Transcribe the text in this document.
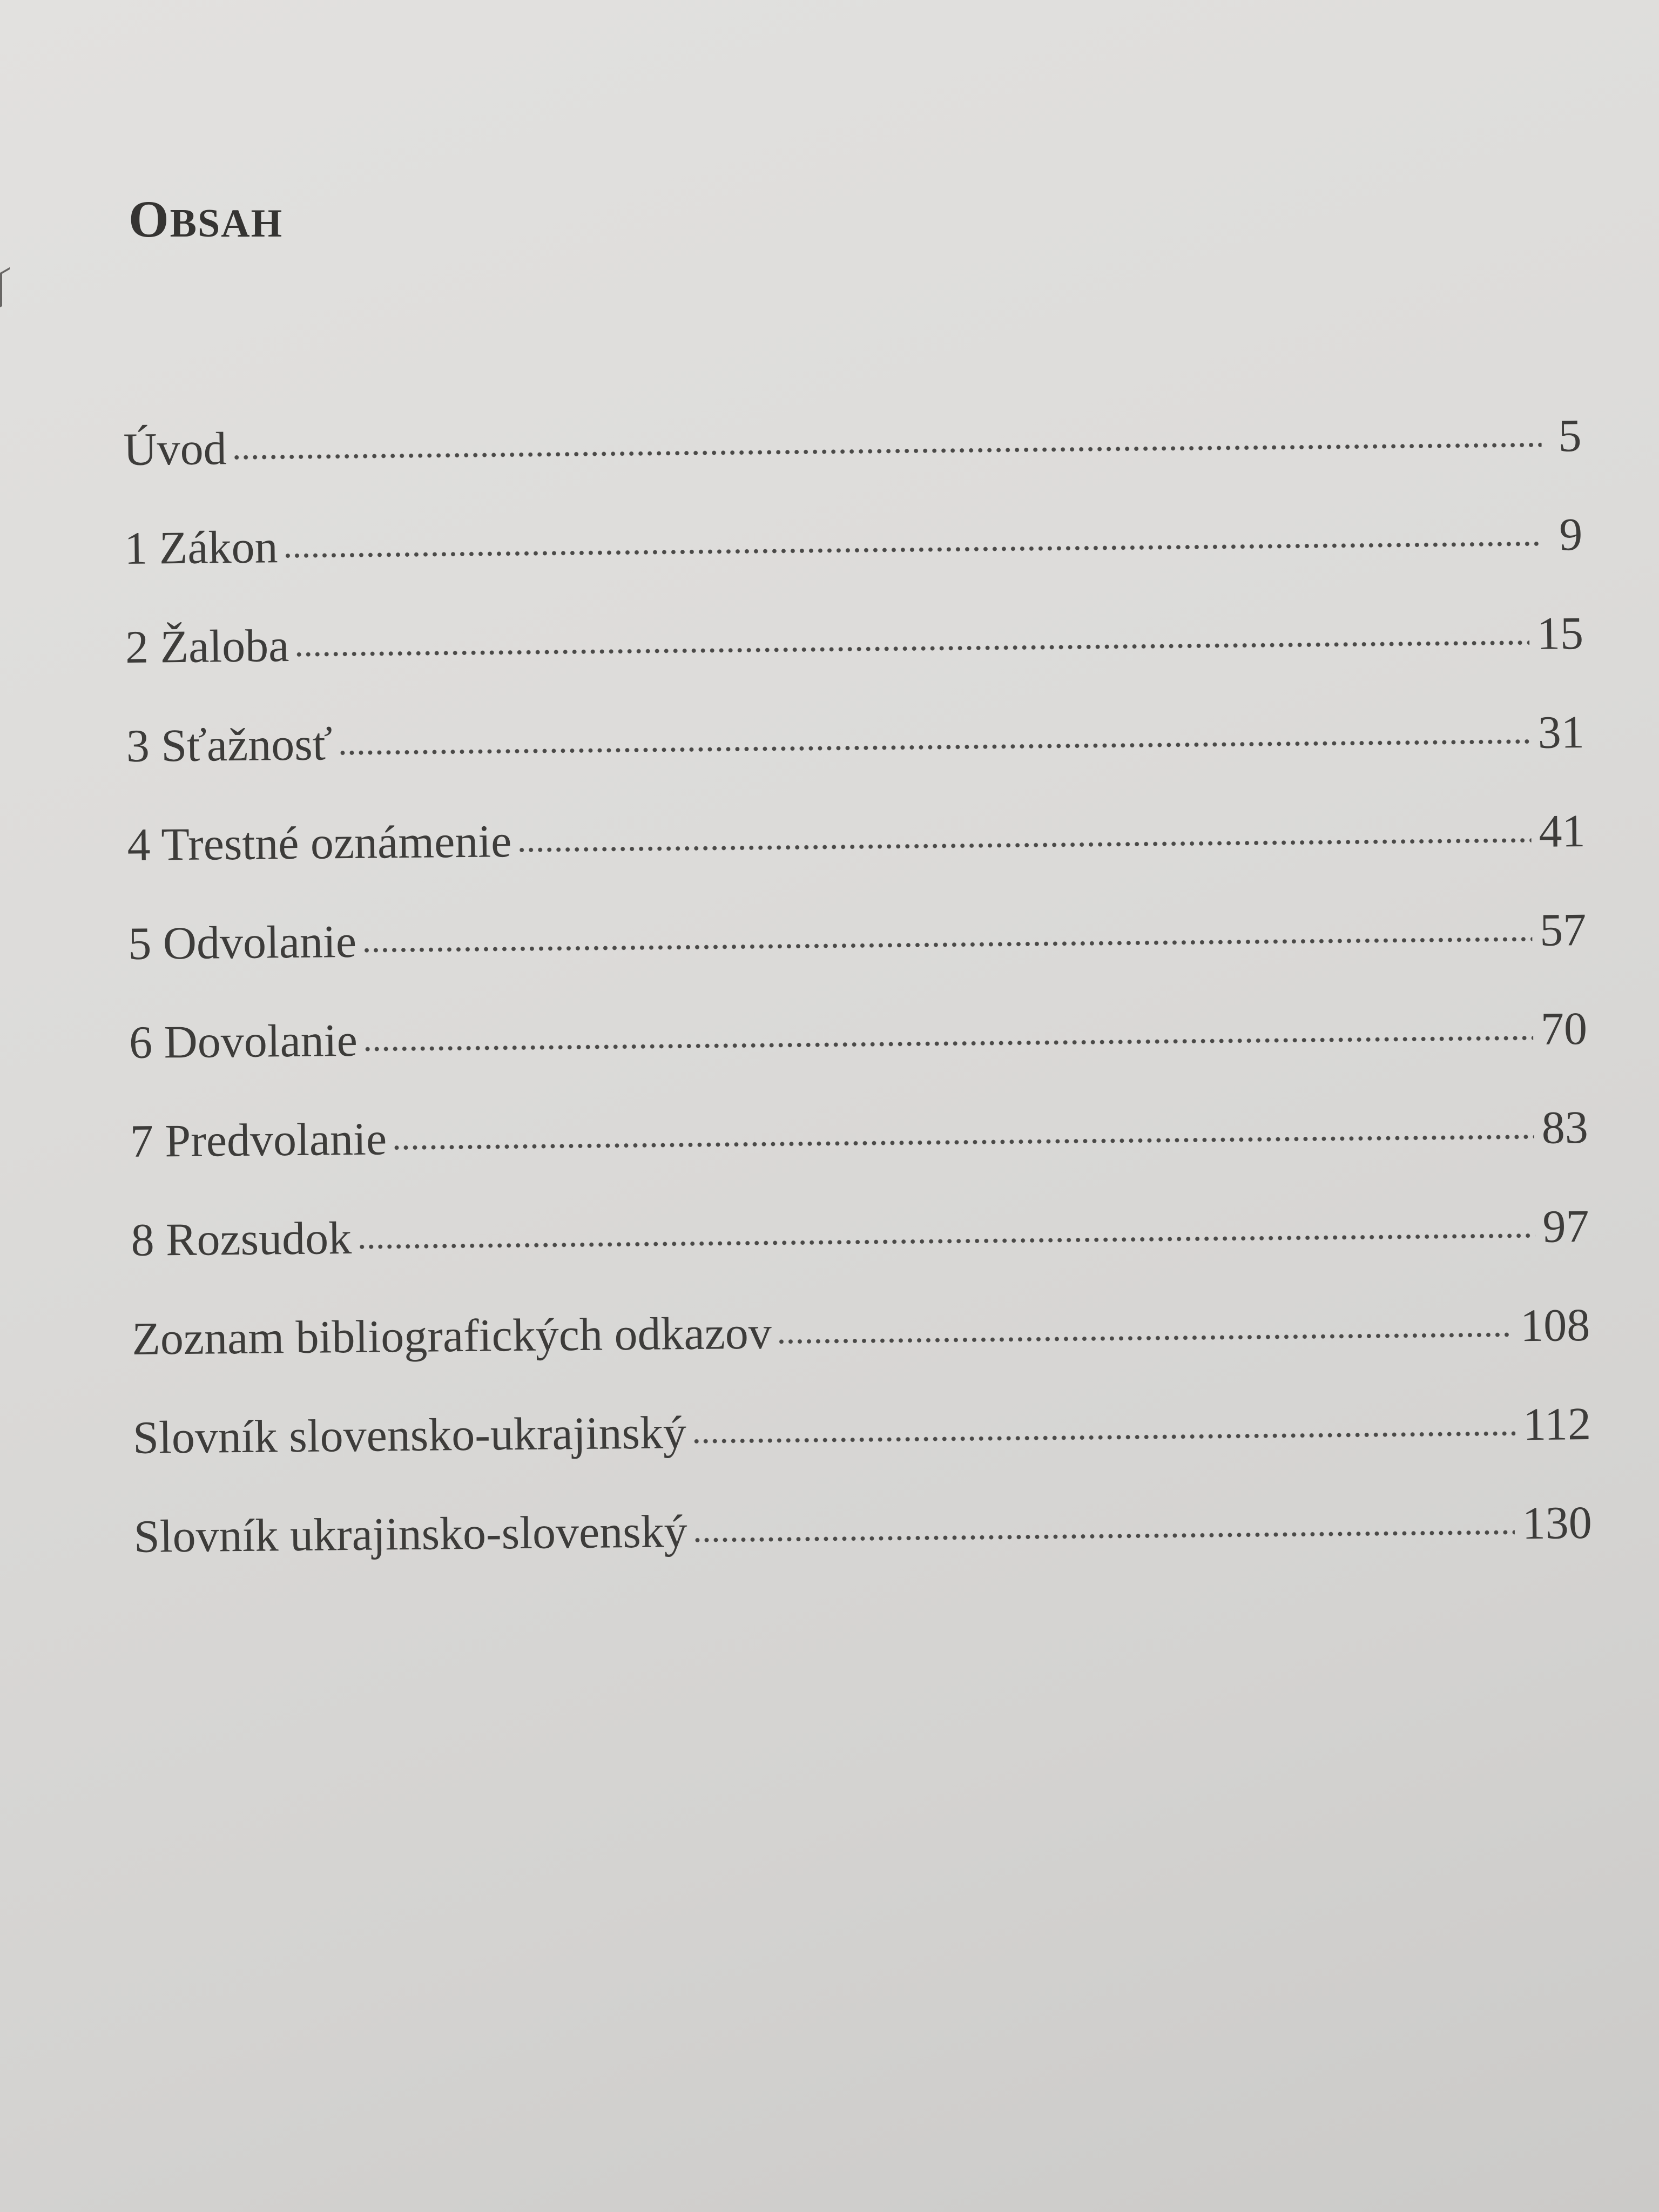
OBSAH
Úvod	5
1 Zákon	9
2 Žaloba	15
3 Sťažnosť	31
4 Trestné oznámenie	41
5 Odvolanie	57
6 Dovolanie	70
7 Predvolanie	83
8 Rozsudok	97
Zoznam bibliografických odkazov	108
Slovník slovensko-ukrajinský	112
Slovník ukrajinsko-slovenský	130
